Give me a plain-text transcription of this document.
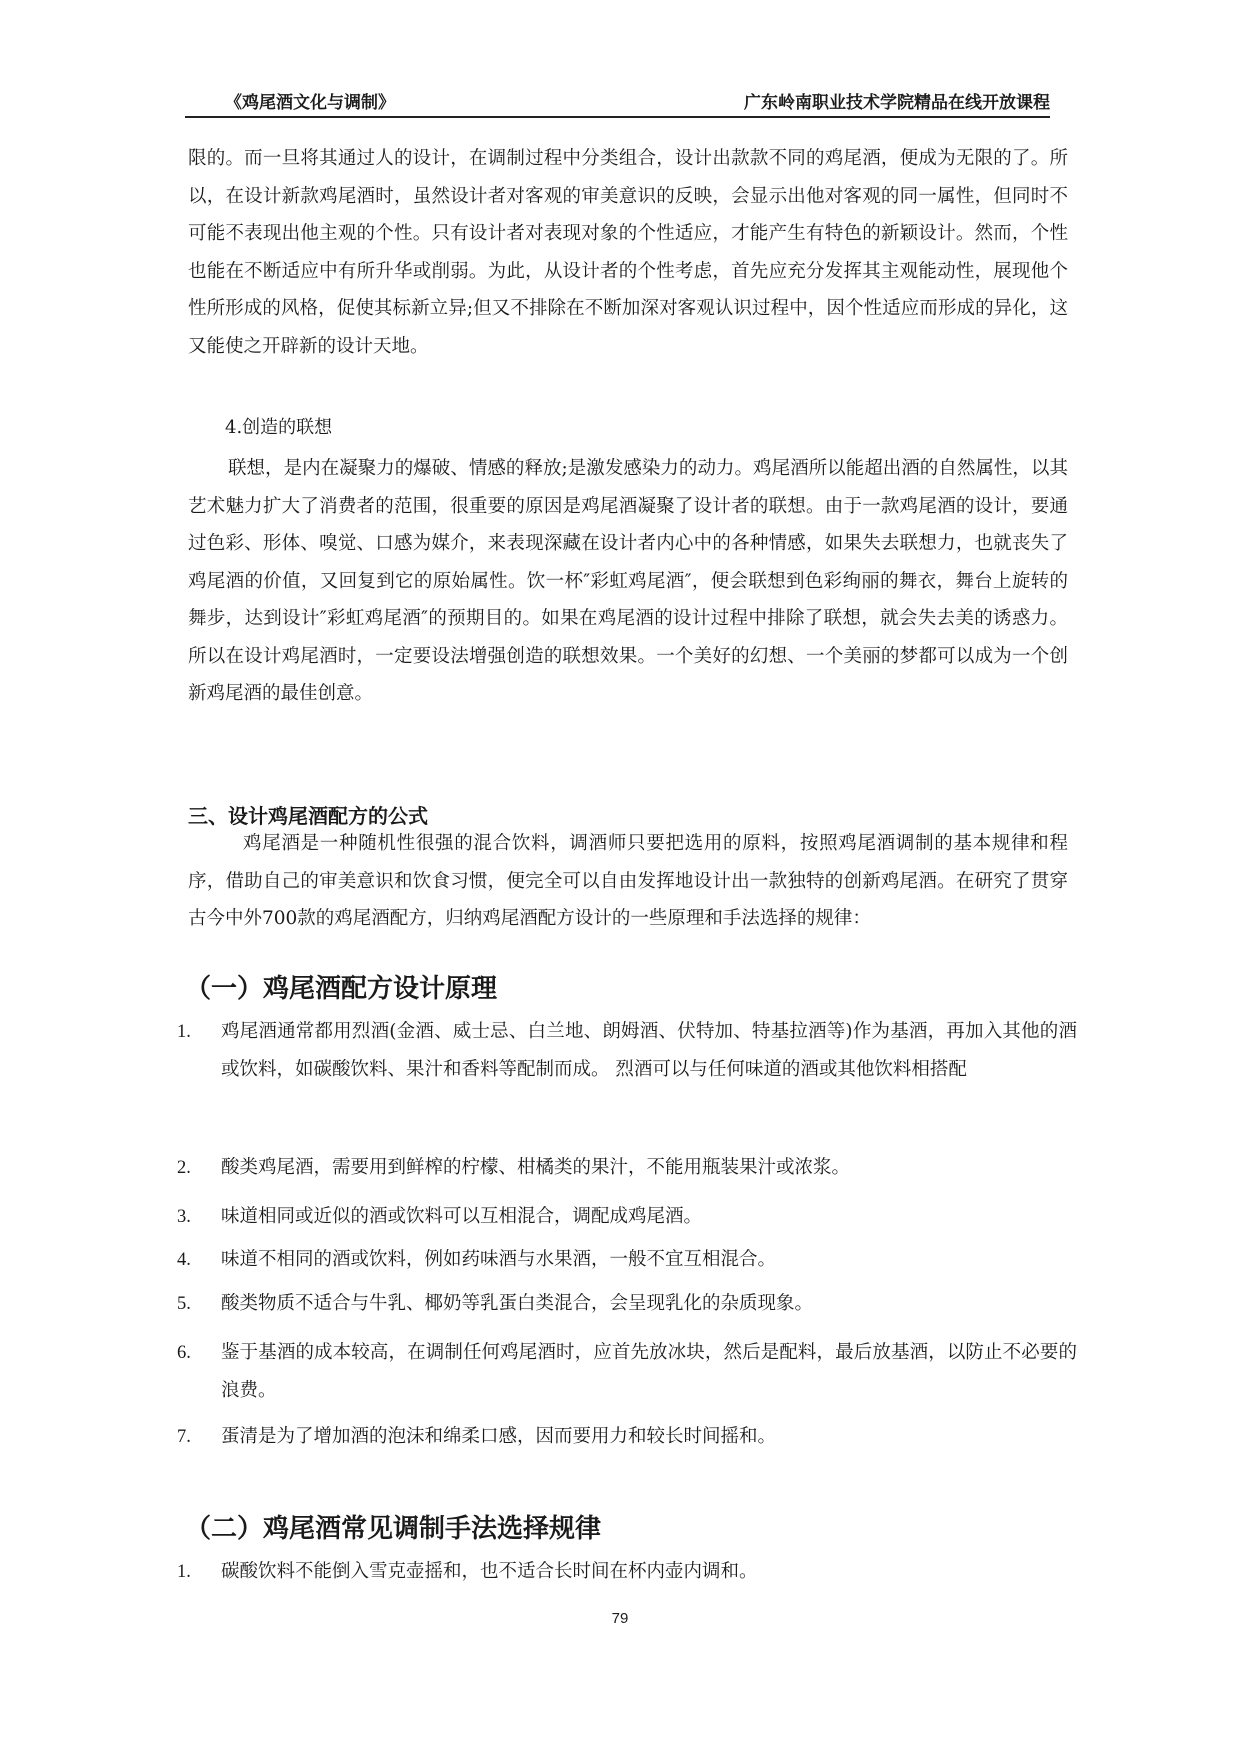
《鸡尾酒文化与调制》	广东岭南职业技术学院精品在线开放课程

限的。而一旦将其通过人的设计，在调制过程中分类组合，设计出款款不同的鸡尾酒，便成为无限的了。所以，在设计新款鸡尾酒时，虽然设计者对客观的审美意识的反映，会显示出他对客观的同一属性，但同时不可能不表现出他主观的个性。只有设计者对表现对象的个性适应，才能产生有特色的新颖设计。然而，个性也能在不断适应中有所升华或削弱。为此，从设计者的个性考虑，首先应充分发挥其主观能动性，展现他个性所形成的风格，促使其标新立异;但又不排除在不断加深对客观认识过程中，因个性适应而形成的异化，这又能使之开辟新的设计天地。

4.创造的联想

联想，是内在凝聚力的爆破、情感的释放;是激发感染力的动力。鸡尾酒所以能超出酒的自然属性，以其艺术魅力扩大了消费者的范围，很重要的原因是鸡尾酒凝聚了设计者的联想。由于一款鸡尾酒的设计，要通过色彩、形体、嗅觉、口感为媒介，来表现深藏在设计者内心中的各种情感，如果失去联想力，也就丧失了鸡尾酒的价值，又回复到它的原始属性。饮一杯″彩虹鸡尾酒″，便会联想到色彩绚丽的舞衣，舞台上旋转的舞步，达到设计″彩虹鸡尾酒″的预期目的。如果在鸡尾酒的设计过程中排除了联想，就会失去美的诱惑力。所以在设计鸡尾酒时，一定要设法增强创造的联想效果。一个美好的幻想、一个美丽的梦都可以成为一个创新鸡尾酒的最佳创意。

三、设计鸡尾酒配方的公式

鸡尾酒是一种随机性很强的混合饮料，调酒师只要把选用的原料，按照鸡尾酒调制的基本规律和程序，借助自己的审美意识和饮食习惯，便完全可以自由发挥地设计出一款独特的创新鸡尾酒。在研究了贯穿古今中外700款的鸡尾酒配方，归纳鸡尾酒配方设计的一些原理和手法选择的规律：

（一）鸡尾酒配方设计原理

1. 鸡尾酒通常都用烈酒(金酒、威士忌、白兰地、朗姆酒、伏特加、特基拉酒等)作为基酒，再加入其他的酒或饮料，如碳酸饮料、果汁和香料等配制而成。 烈酒可以与任何味道的酒或其他饮料相搭配
2. 酸类鸡尾酒，需要用到鲜榨的柠檬、柑橘类的果汁，不能用瓶装果汁或浓浆。
3. 味道相同或近似的酒或饮料可以互相混合，调配成鸡尾酒。
4. 味道不相同的酒或饮料，例如药味酒与水果酒，一般不宜互相混合。
5. 酸类物质不适合与牛乳、椰奶等乳蛋白类混合，会呈现乳化的杂质现象。
6. 鉴于基酒的成本较高，在调制任何鸡尾酒时，应首先放冰块，然后是配料，最后放基酒，以防止不必要的浪费。
7. 蛋清是为了增加酒的泡沫和绵柔口感，因而要用力和较长时间摇和。

（二）鸡尾酒常见调制手法选择规律

1. 碳酸饮料不能倒入雪克壶摇和，也不适合长时间在杯内壶内调和。
79
